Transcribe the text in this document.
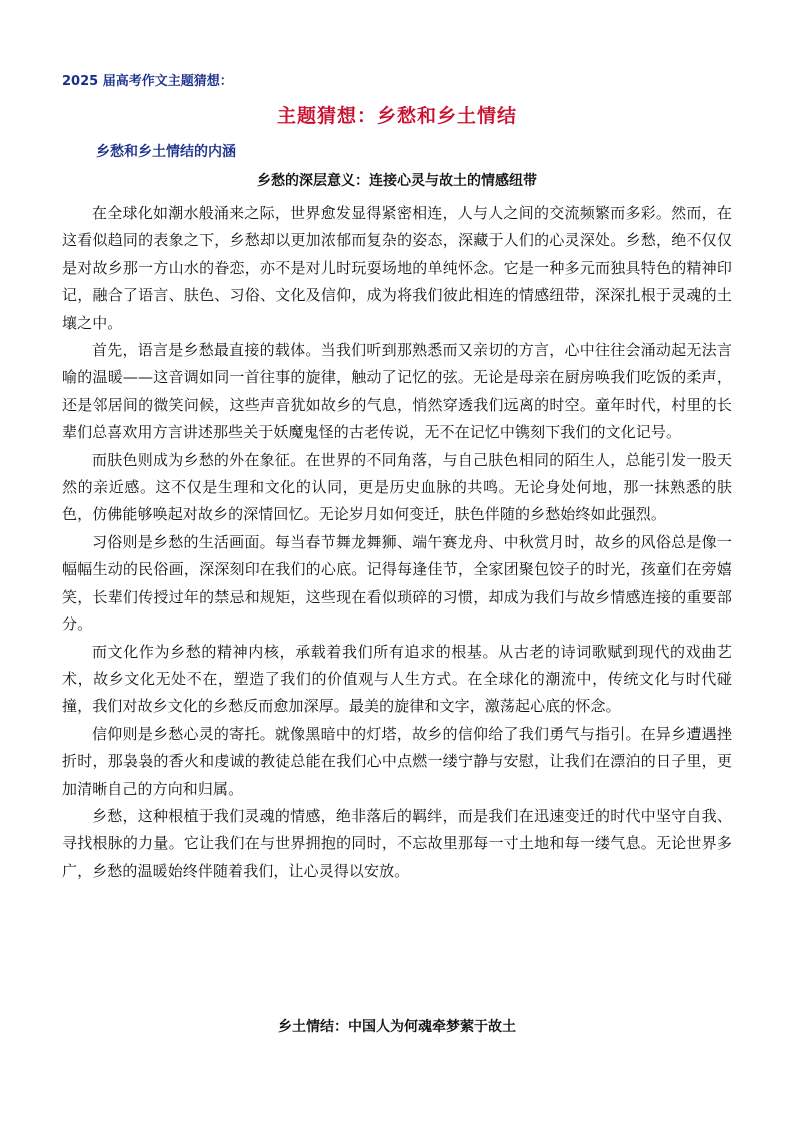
2025 届高考作文主题猜想：
主题猜想：乡愁和乡土情结
乡愁和乡土情结的内涵
乡愁的深层意义：连接心灵与故土的情感纽带

在全球化如潮水般涌来之际，世界愈发显得紧密相连，人与人之间的交流频繁而多彩。然而，在这看似趋同的表象之下，乡愁却以更加浓郁而复杂的姿态，深藏于人们的心灵深处。乡愁，绝不仅仅是对故乡那一方山水的眷恋，亦不是对儿时玩耍场地的单纯怀念。它是一种多元而独具特色的精神印记，融合了语言、肤色、习俗、文化及信仰，成为将我们彼此相连的情感纽带，深深扎根于灵魂的土壤之中。

首先，语言是乡愁最直接的载体。当我们听到那熟悉而又亲切的方言，心中往往会涌动起无法言喻的温暖——这音调如同一首往事的旋律，触动了记忆的弦。无论是母亲在厨房唤我们吃饭的柔声，还是邻居间的微笑问候，这些声音犹如故乡的气息，悄然穿透我们远离的时空。童年时代，村里的长辈们总喜欢用方言讲述那些关于妖魔鬼怪的古老传说，无不在记忆中镌刻下我们的文化记号。

而肤色则成为乡愁的外在象征。在世界的不同角落，与自己肤色相同的陌生人，总能引发一股天然的亲近感。这不仅是生理和文化的认同，更是历史血脉的共鸣。无论身处何地，那一抹熟悉的肤色，仿佛能够唤起对故乡的深情回忆。无论岁月如何变迁，肤色伴随的乡愁始终如此强烈。

习俗则是乡愁的生活画面。每当春节舞龙舞狮、端午赛龙舟、中秋赏月时，故乡的风俗总是像一幅幅生动的民俗画，深深刻印在我们的心底。记得每逢佳节，全家团聚包饺子的时光，孩童们在旁嬉笑，长辈们传授过年的禁忌和规矩，这些现在看似琐碎的习惯，却成为我们与故乡情感连接的重要部分。

而文化作为乡愁的精神内核，承载着我们所有追求的根基。从古老的诗词歌赋到现代的戏曲艺术，故乡文化无处不在，塑造了我们的价值观与人生方式。在全球化的潮流中，传统文化与时代碰撞，我们对故乡文化的乡愁反而愈加深厚。最美的旋律和文字，激荡起心底的怀念。

信仰则是乡愁心灵的寄托。就像黑暗中的灯塔，故乡的信仰给了我们勇气与指引。在异乡遭遇挫折时，那袅袅的香火和虔诚的教徒总能在我们心中点燃一缕宁静与安慰，让我们在漂泊的日子里，更加清晰自己的方向和归属。

乡愁，这种根植于我们灵魂的情感，绝非落后的羁绊，而是我们在迅速变迁的时代中坚守自我、寻找根脉的力量。它让我们在与世界拥抱的同时，不忘故里那每一寸土地和每一缕气息。无论世界多广，乡愁的温暖始终伴随着我们，让心灵得以安放。

乡土情结：中国人为何魂牵梦萦于故土
